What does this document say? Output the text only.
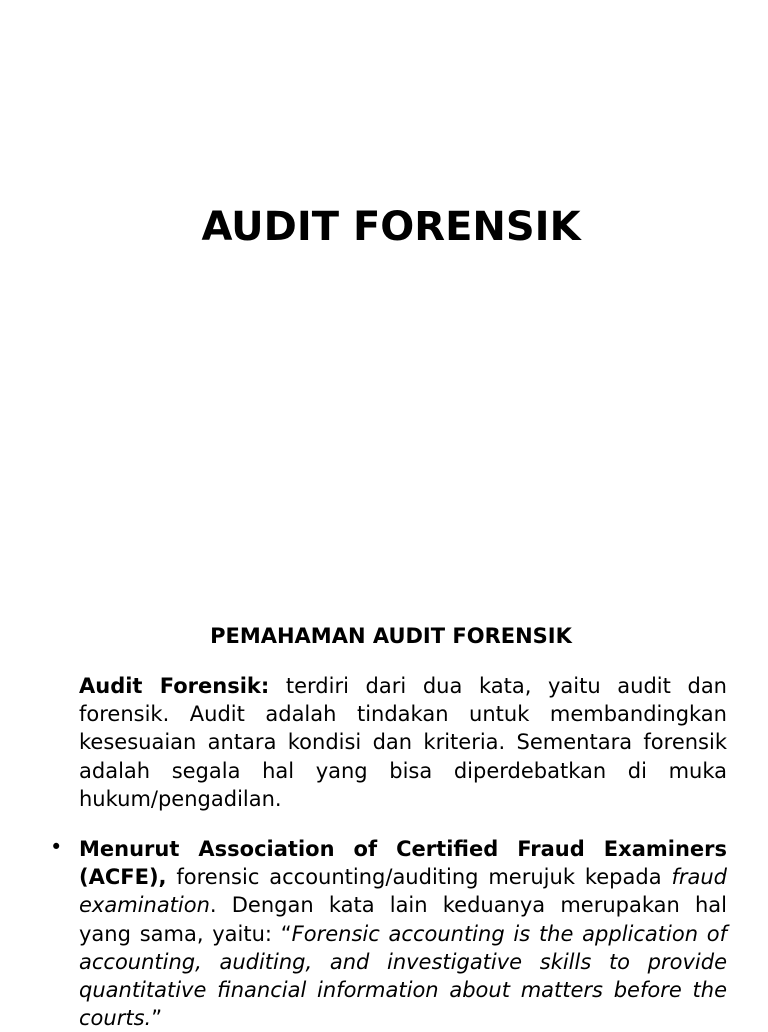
AUDIT FORENSIK
PEMAHAMAN AUDIT FORENSIK

Audit Forensik: terdiri dari dua kata, yaitu audit dan forensik. Audit adalah tindakan untuk membandingkan kesesuaian antara kondisi dan kriteria. Sementara forensik adalah segala hal yang bisa diperdebatkan di muka hukum/pengadilan.

• Menurut Association of Certified Fraud Examiners (ACFE), forensic accounting/auditing merujuk kepada fraud examination. Dengan kata lain keduanya merupakan hal yang sama, yaitu: “Forensic accounting is the application of accounting, auditing, and investigative skills to provide quantitative financial information about matters before the courts.”
